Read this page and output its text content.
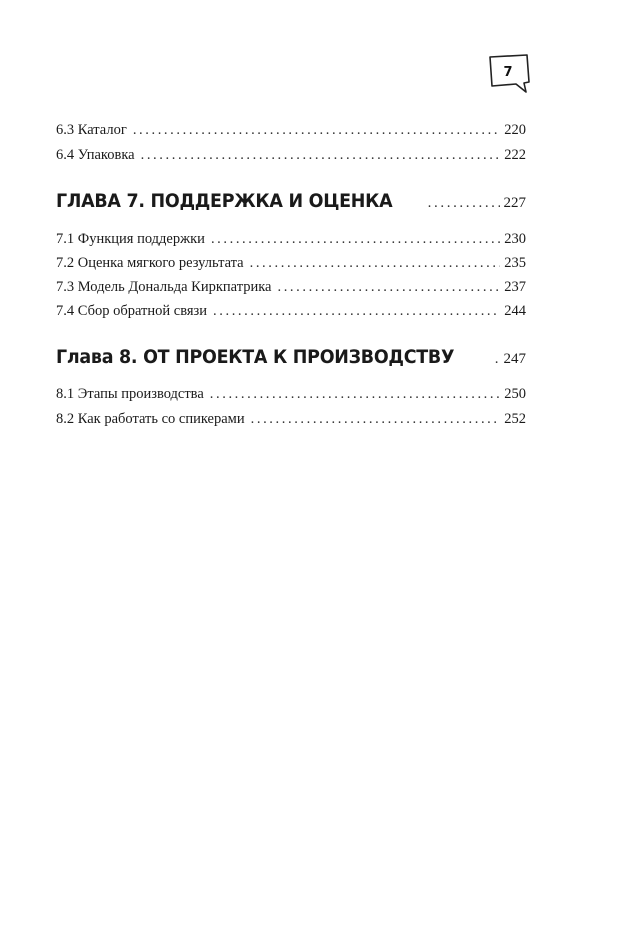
7
6.3 Каталог .....	220
6.4 Упаковка .....	222
ГЛАВА 7. ПОДДЕРЖКА И ОЦЕНКА .....	227
7.1 Функция поддержки .....	230
7.2 Оценка мягкого результата .....	235
7.3 Модель Дональда Киркпатрика .....	237
7.4 Сбор обратной связи .....	244
Глава 8. ОТ ПРОЕКТА К ПРОИЗВОДСТВУ .....	247
8.1 Этапы производства .....	250
8.2 Как работать со спикерами .....	252
